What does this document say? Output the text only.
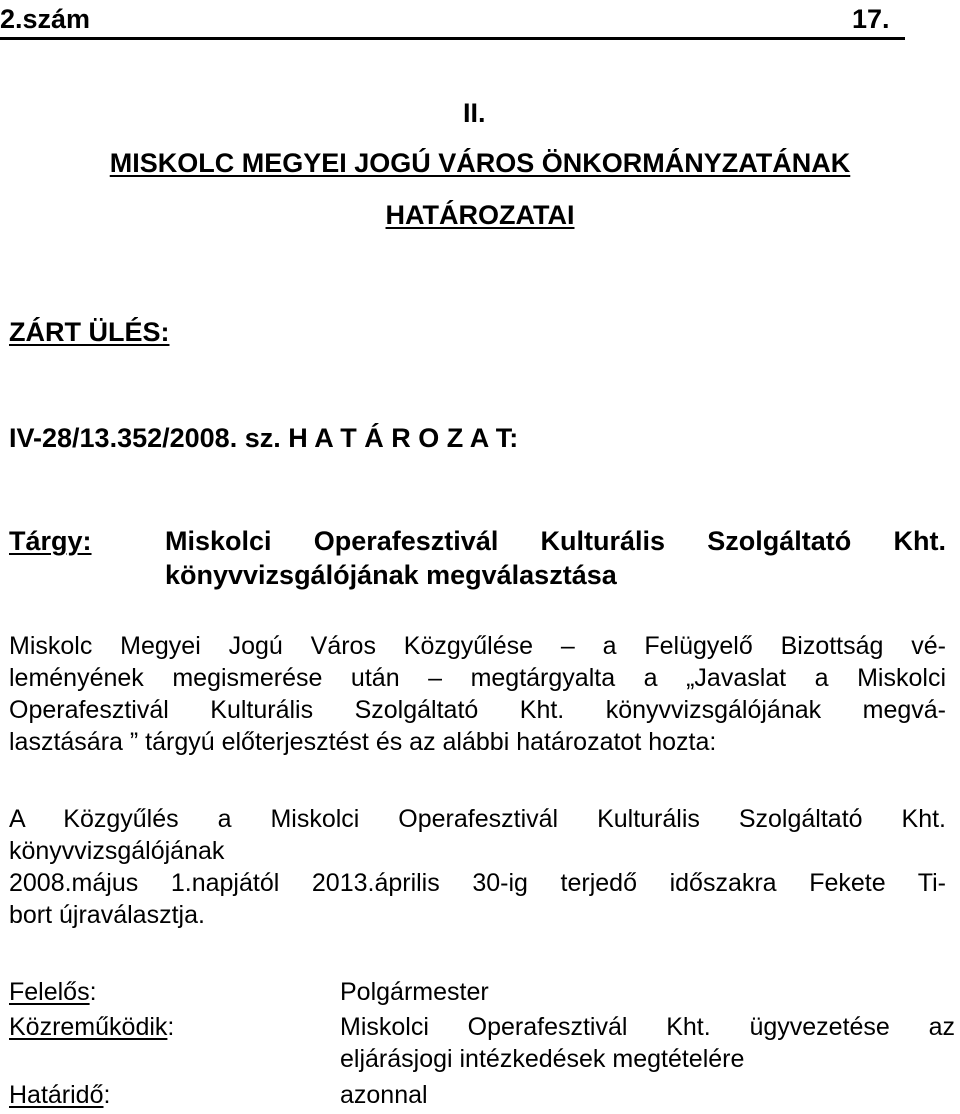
2.szám	17.
II.
MISKOLC MEGYEI JOGÚ VÁROS ÖNKORMÁNYZATÁNAK
HATÁROZATAI
ZÁRT ÜLÉS:
IV-28/13.352/2008. sz. H A T Á R O Z A T:
Tárgy:	Miskolci Operafesztivál Kulturális Szolgáltató Kht.
könyvvizsgálójának megválasztása
Miskolc Megyei Jogú Város Közgyűlése – a Felügyelő Bizottság vé-
leményének megismerése után – megtárgyalta a „Javaslat a Miskolci
Operafesztivál Kulturális Szolgáltató Kht. könyvvizsgálójának megvá-
lasztására ” tárgyú előterjesztést és az alábbi határozatot hozta:
A Közgyűlés a Miskolci Operafesztivál Kulturális Szolgáltató Kht.
könyvvizsgálójának
2008.május 1.napjától 2013.április 30-ig terjedő időszakra Fekete Ti-
bort újraválasztja.
Felelős:	Polgármester
Közreműködik:	Miskolci Operafesztivál Kht. ügyvezetése az
eljárásjogi intézkedések megtételére
Határidő:	azonnal
